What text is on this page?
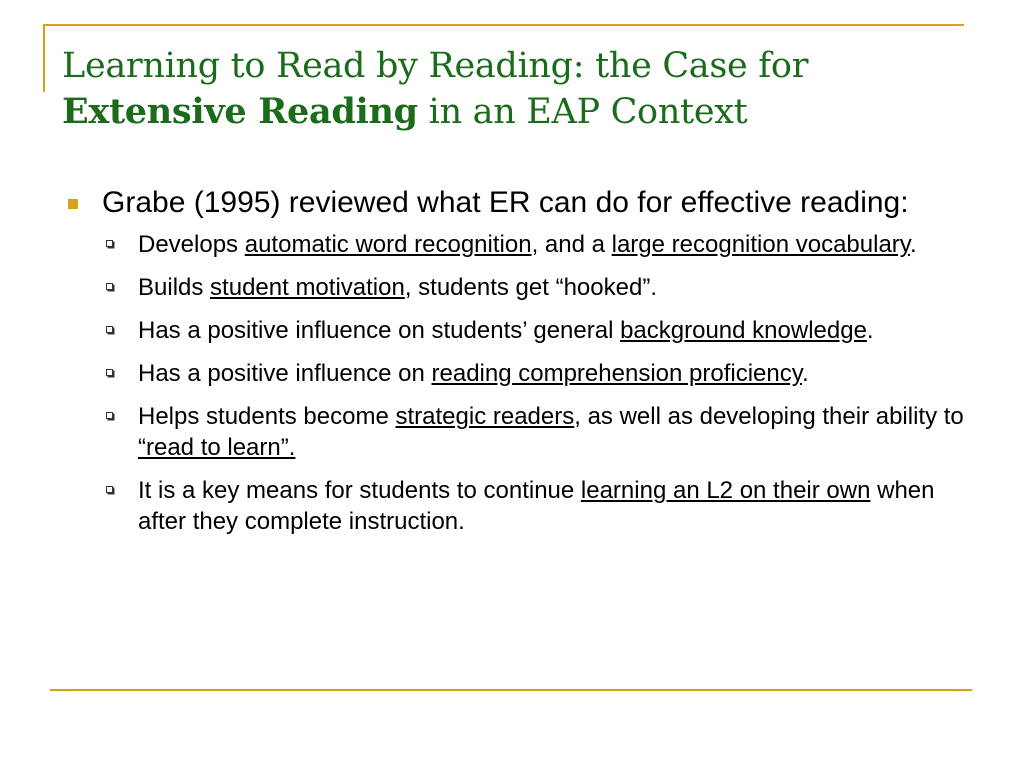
Learning to Read by Reading: the Case for
Extensive Reading in an EAP Context
Grabe (1995) reviewed what ER can do for effective reading:
Develops automatic word recognition, and a large recognition vocabulary.
Builds student motivation, students get “hooked”.
Has a positive influence on students’ general background knowledge.
Has a positive influence on reading comprehension proficiency.
Helps students become strategic readers, as well as developing their ability to “read to learn”.
It is a key means for students to continue learning an L2 on their own when after they complete instruction.
